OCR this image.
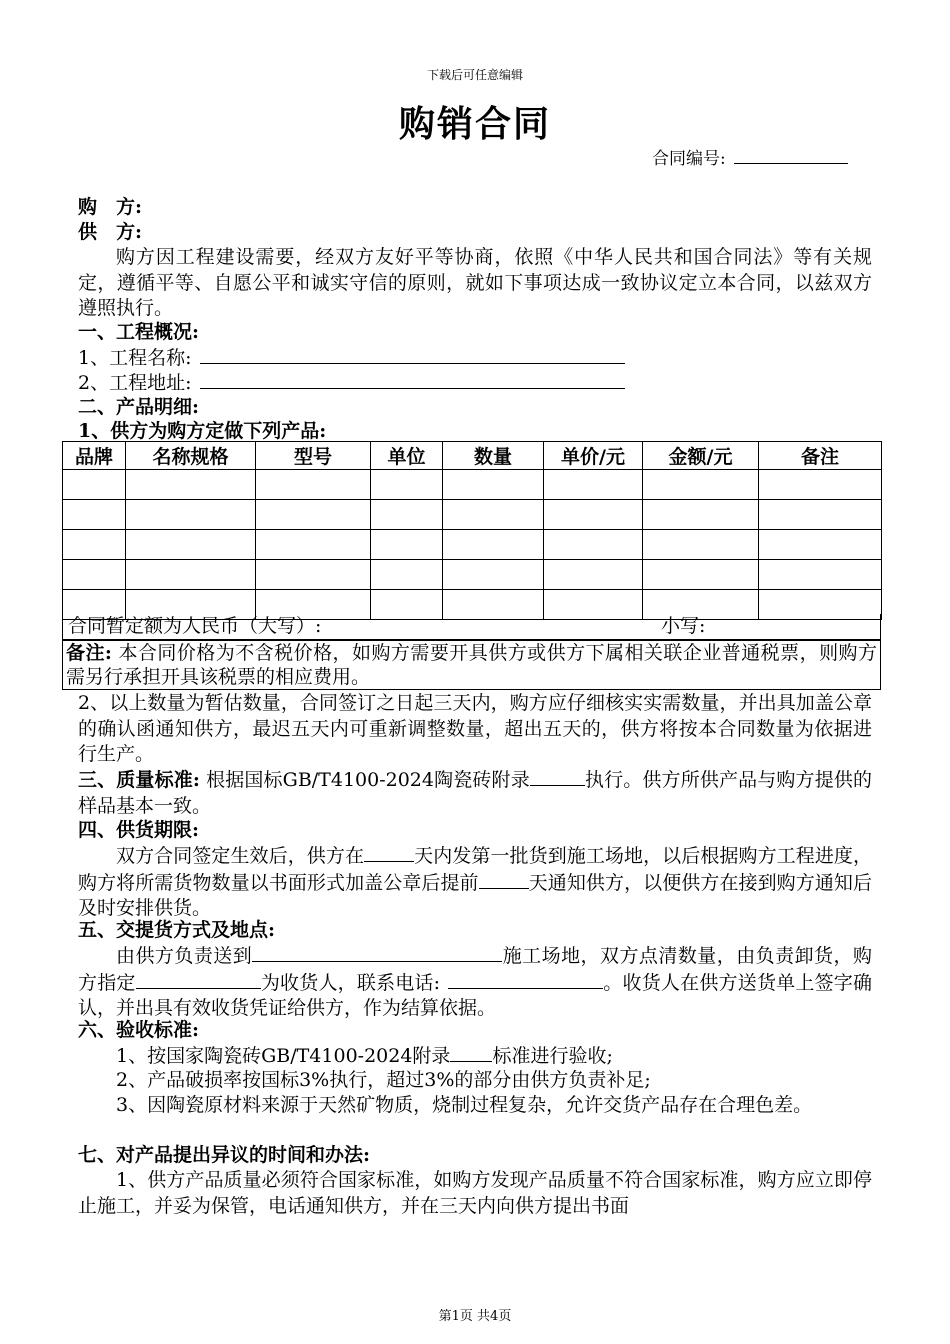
下载后可任意编辑
购销合同
合同编号:
购　方:
供　方:
购方因工程建设需要，经双方友好平等协商，依照《中华人民共和国合同法》等有关规定，遵循平等、自愿公平和诚实守信的原则，就如下事项达成一致协议定立本合同，以兹双方遵照执行。
一、工程概况:
1、工程名称:
2、工程地址:
二、产品明细:
1、供方为购方定做下列产品:
品牌	名称规格	型号	单位	数量	单价/元	金额/元	备注

合同暂定额为人民币（大写）:	小写:
备注: 本合同价格为不含税价格，如购方需要开具供方或供方下属相关联企业普通税票，则购方需另行承担开具该税票的相应费用。
2、以上数量为暂估数量，合同签订之日起三天内，购方应仔细核实实需数量，并出具加盖公章的确认函通知供方，最迟五天内可重新调整数量，超出五天的，供方将按本合同数量为依据进行生产。
三、质量标准: 根据国标GB/T4100-2024陶瓷砖附录	执行。供方所供产品与购方提供的样品基本一致。
四、供货期限:
双方合同签定生效后，供方在	天内发第一批货到施工场地，以后根据购方工程进度，购方将所需货物数量以书面形式加盖公章后提前	天通知供方，以便供方在接到购方通知后及时安排供货。
五、交提货方式及地点:
由供方负责送到	施工场地，双方点清数量，由负责卸货，购方指定	为收货人，联系电话:	。收货人在供方送货单上签字确认，并出具有效收货凭证给供方，作为结算依据。
六、验收标准:
1、按国家陶瓷砖GB/T4100-2024附录 标准进行验收;
2、产品破损率按国标3%执行，超过3%的部分由供方负责补足;
3、因陶瓷原材料来源于天然矿物质，烧制过程复杂，允许交货产品存在合理色差。
七、对产品提出异议的时间和办法:
1、供方产品质量必须符合国家标准，如购方发现产品质量不符合国家标准，购方应立即停止施工，并妥为保管，电话通知供方，并在三天内向供方提出书面
第1页 共4页
